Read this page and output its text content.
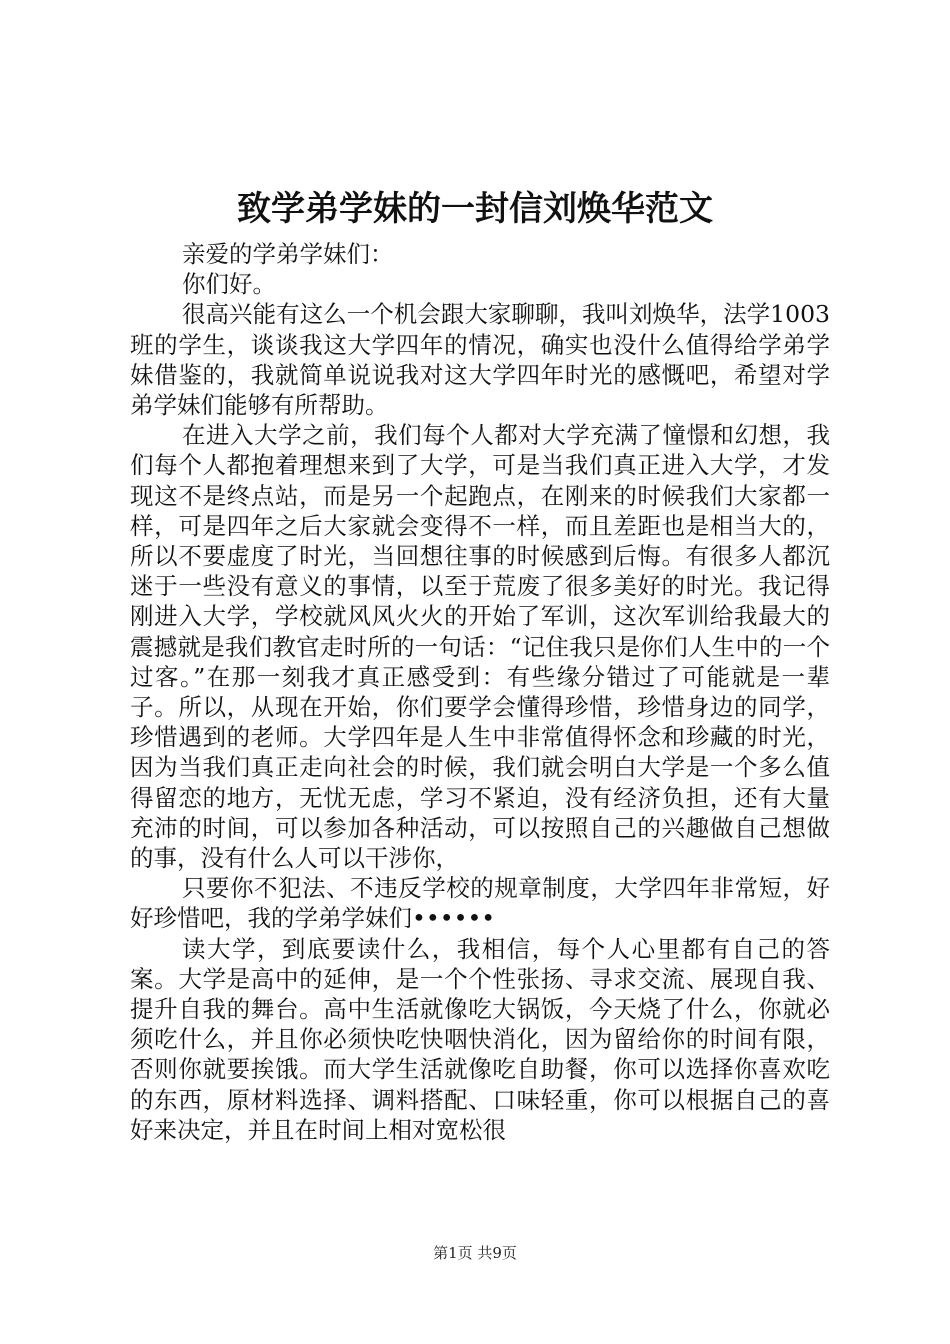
致学弟学妹的一封信刘焕华范文

亲爱的学弟学妹们：

你们好。

很高兴能有这么一个机会跟大家聊聊，我叫刘焕华，法学1003班的学生，谈谈我这大学四年的情况，确实也没什么值得给学弟学妹借鉴的，我就简单说说我对这大学四年时光的感慨吧，希望对学弟学妹们能够有所帮助。

在进入大学之前，我们每个人都对大学充满了憧憬和幻想，我们每个人都抱着理想来到了大学，可是当我们真正进入大学，才发现这不是终点站，而是另一个起跑点，在刚来的时候我们大家都一样，可是四年之后大家就会变得不一样，而且差距也是相当大的，所以不要虚度了时光，当回想往事的时候感到后悔。有很多人都沉迷于一些没有意义的事情，以至于荒废了很多美好的时光。我记得刚进入大学，学校就风风火火的开始了军训，这次军训给我最大的震撼就是我们教官走时所的一句话：“记住我只是你们人生中的一个过客。”在那一刻我才真正感受到：有些缘分错过了可能就是一辈子。所以，从现在开始，你们要学会懂得珍惜，珍惜身边的同学，珍惜遇到的老师。大学四年是人生中非常值得怀念和珍藏的时光，因为当我们真正走向社会的时候，我们就会明白大学是一个多么值得留恋的地方，无忧无虑，学习不紧迫，没有经济负担，还有大量充沛的时间，可以参加各种活动，可以按照自己的兴趣做自己想做的事，没有什么人可以干涉你，

只要你不犯法、不违反学校的规章制度，大学四年非常短，好好珍惜吧，我的学弟学妹们••••••

读大学，到底要读什么，我相信，每个人心里都有自己的答案。大学是高中的延伸，是一个个性张扬、寻求交流、展现自我、提升自我的舞台。高中生活就像吃大锅饭，今天烧了什么，你就必须吃什么，并且你必须快吃快咽快消化，因为留给你的时间有限，否则你就要挨饿。而大学生活就像吃自助餐，你可以选择你喜欢吃的东西，原材料选择、调料搭配、口味轻重，你可以根据自己的喜好来决定，并且在时间上相对宽松很

第1页 共9页
